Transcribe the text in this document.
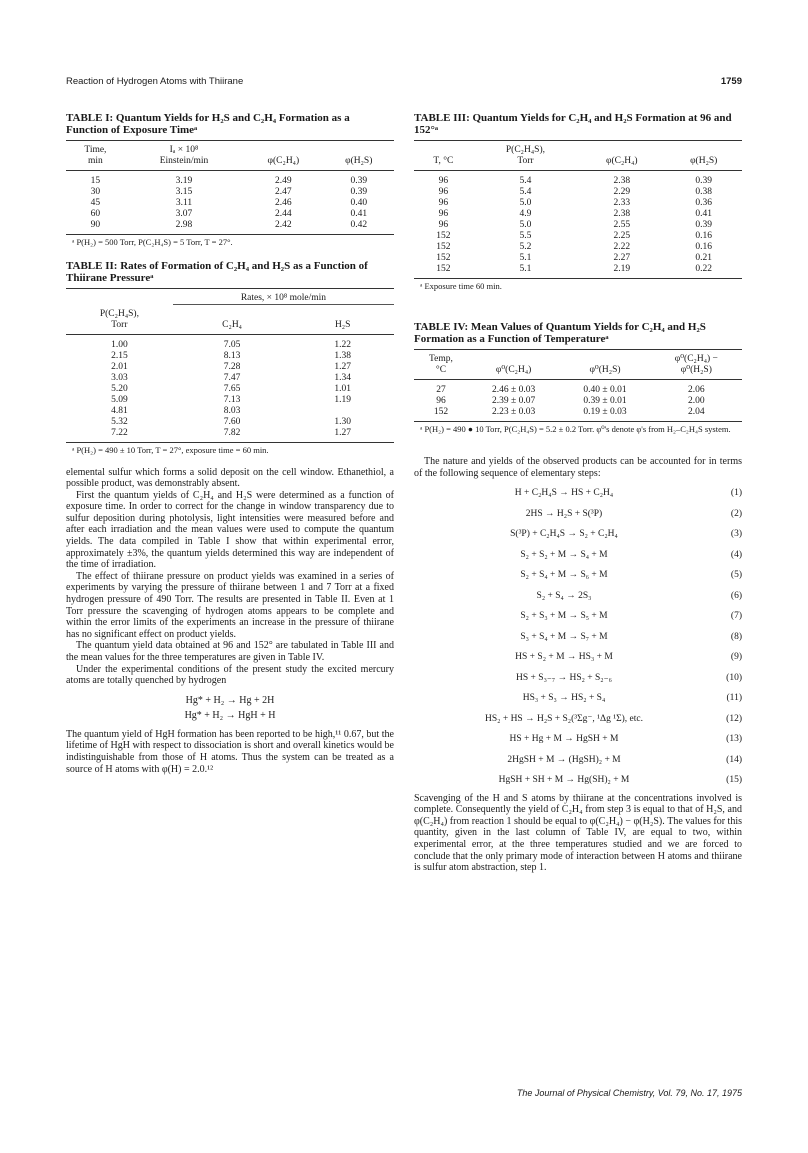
Reaction of Hydrogen Atoms with Thiirane	1759
TABLE I: Quantum Yields for H₂S and C₂H₄ Formation as a Function of Exposure Timeᵃ
Time,	Iₐ × 10⁸		
min	Einstein/min	φ(C₂H₄)	φ(H₂S)
15	3.19	2.49	0.39
30	3.15	2.47	0.39
45	3.11	2.46	0.40
60	3.07	2.44	0.41
90	2.98	2.42	0.42
ᵃ P(H₂) = 500 Torr, P(C₂H₄S) = 5 Torr, T = 27°.
TABLE II: Rates of Formation of C₂H₄ and H₂S as a Function of Thiirane Pressureᵃ
	Rates, × 10⁸ mole/min	
P(C₂H₄S),		
Torr	C₂H₄	H₂S
1.00	7.05	1.22
2.15	8.13	1.38
2.01	7.28	1.27
3.03	7.47	1.34
5.20	7.65	1.01
5.09	7.13	1.19
4.81	8.03	
5.32	7.60	1.30
7.22	7.82	1.27
ᵃ P(H₂) = 490 ± 10 Torr, T = 27°, exposure time = 60 min.

elemental sulfur which forms a solid deposit on the cell window. Ethanethiol, a possible product, was demonstrably absent.

First the quantum yields of C₂H₄ and H₂S were determined as a function of exposure time. In order to correct for the change in window transparency due to sulfur deposition during photolysis, light intensities were measured before and after each irradiation and the mean values were used to compute the quantum yields. The data compiled in Table I show that within experimental error, approximately ±3%, the quantum yields determined this way are independent of the time of irradiation.

The effect of thiirane pressure on product yields was examined in a series of experiments by varying the pressure of thiirane between 1 and 7 Torr at a fixed hydrogen pressure of 490 Torr. The results are presented in Table II. Even at 1 Torr pressure the scavenging of hydrogen atoms appears to be complete and within the error limits of the experiments an increase in the pressure of thiirane has no significant effect on product yields.

The quantum yield data obtained at 96 and 152° are tabulated in Table III and the mean values for the three temperatures are given in Table IV.

Under the experimental conditions of the present study the excited mercury atoms are totally quenched by hydrogen

Hg* + H₂ → Hg + 2H
Hg* + H₂ → HgH + H

The quantum yield of HgH formation has been reported to be high,¹¹ 0.67, but the lifetime of HgH with respect to dissociation is short and overall kinetics would be indistinguishable from those of H atoms. Thus the system can be treated as a source of H atoms with φ(H) = 2.0.¹²

TABLE III: Quantum Yields for C₂H₄ and H₂S Formation at 96 and 152°ᵃ
	P(C₂H₄S),		
T, °C	Torr	φ(C₂H₄)	φ(H₂S)
96	5.4	2.38	0.39
96	5.4	2.29	0.38
96	5.0	2.33	0.36
96	4.9	2.38	0.41
96	5.0	2.55	0.39
152	5.5	2.25	0.16
152	5.2	2.22	0.16
152	5.1	2.27	0.21
152	5.1	2.19	0.22
ᵃ Exposure time 60 min.
TABLE IV: Mean Values of Quantum Yields for C₂H₄ and H₂S Formation as a Function of Temperatureᵃ
Temp,			φ⁰(C₂H₄) −
°C	φ⁰(C₂H₄)	φ⁰(H₂S)	φ⁰(H₂S)
27	2.46 ± 0.03	0.40 ± 0.01	2.06
96	2.39 ± 0.07	0.39 ± 0.01	2.00
152	2.23 ± 0.03	0.19 ± 0.03	2.04
ᵃ P(H₂) = 490 ● 10 Torr, P(C₂H₄S) = 5.2 ± 0.2 Torr. φ⁰'s denote φ's from H₂–C₂H₄S system.

The nature and yields of the observed products can be accounted for in terms of the following sequence of elementary steps:

H + C₂H₄S → HS + C₂H₄	(1)
2HS → H₂S + S(³P)	(2)
S(³P) + C₂H₄S → S₂ + C₂H₄	(3)
S₂ + S₂ + M → S₄ + M	(4)
S₂ + S₄ + M → S₆ + M	(5)
S₂ + S₄ → 2S₃	(6)
S₂ + S₃ + M → S₅ + M	(7)
S₃ + S₄ + M → S₇ + M	(8)
HS + S₂ + M → HS₃ + M	(9)
HS + S₃₋₇ → HS₂ + S₂₋₆	(10)
HS₃ + S₃ → HS₂ + S₄	(11)
HS₂ + HS → H₂S + S₂(³Σg⁻, ¹Δg ¹Σ), etc.	(12)
HS + Hg + M → HgSH + M	(13)
2HgSH + M → (HgSH)₂ + M	(14)
HgSH + SH + M → Hg(SH)₂ + M	(15)

Scavenging of the H and S atoms by thiirane at the concentrations involved is complete. Consequently the yield of C₂H₄ from step 3 is equal to that of H₂S, and φ(C₂H₄) from reaction 1 should be equal to φ(C₂H₄) − φ(H₂S). The values for this quantity, given in the last column of Table IV, are equal to two, within experimental error, at the three temperatures studied and we are forced to conclude that the only primary mode of interaction between H atoms and thiirane is sulfur atom abstraction, step 1.

The Journal of Physical Chemistry, Vol. 79, No. 17, 1975
